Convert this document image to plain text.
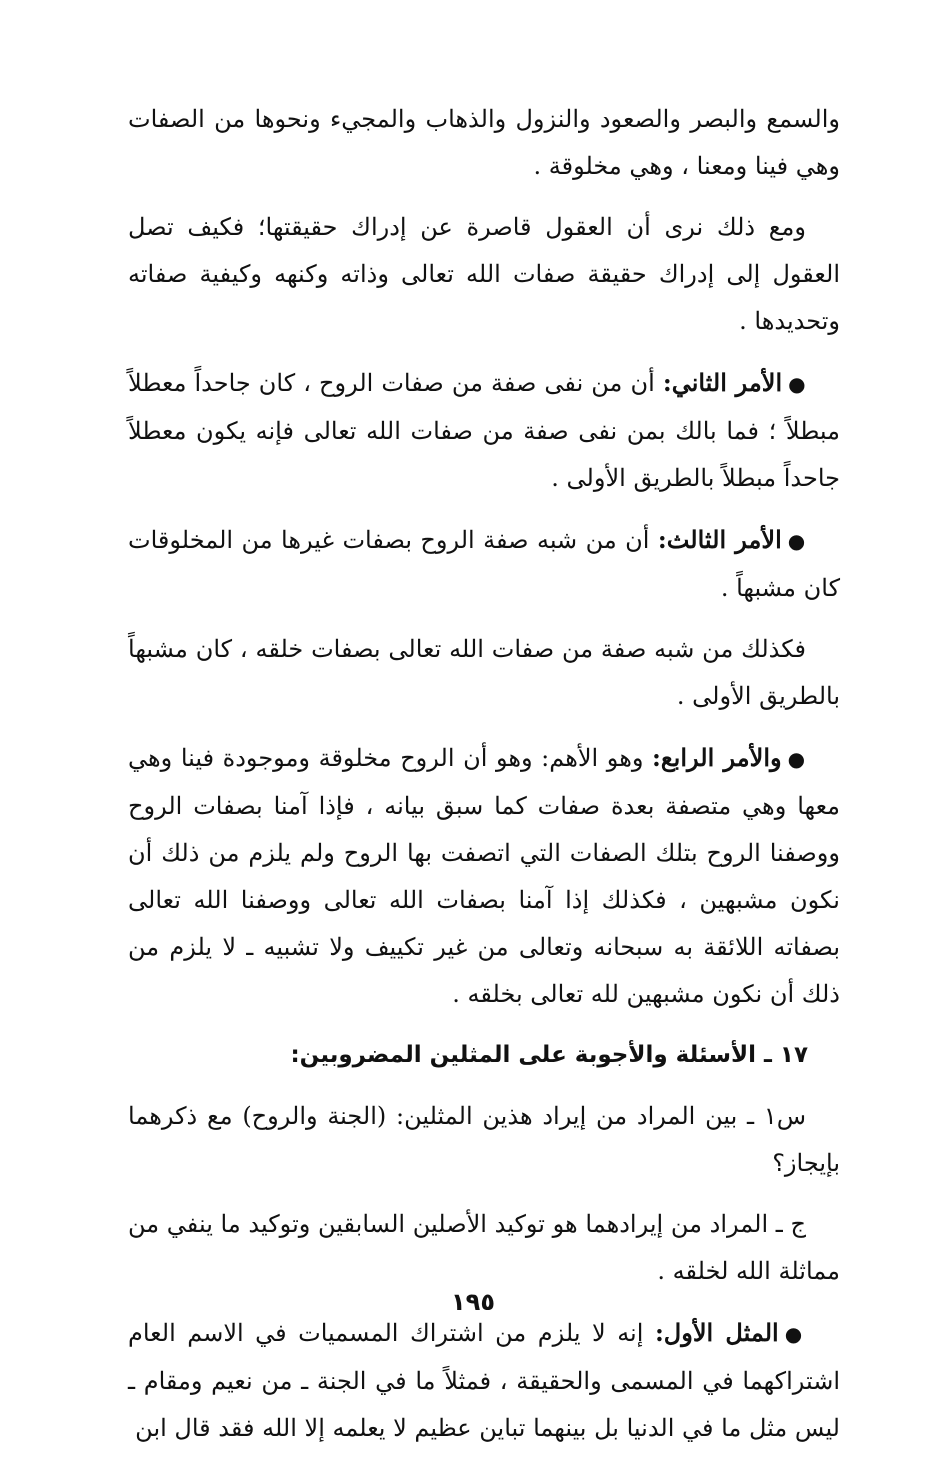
والسمع والبصر والصعود والنزول والذهاب والمجيء ونحوها من الصفات وهي فينا ومعنا ، وهي مخلوقة .

ومع ذلك نرى أن العقول قاصرة عن إدراك حقيقتها؛ فكيف تصل العقول إلى إدراك حقيقة صفات الله تعالى وذاته وكنهه وكيفية صفاته وتحديدها .

●الأمر الثاني: أن من نفى صفة من صفات الروح ، كان جاحداً معطلاً مبطلاً ؛ فما بالك بمن نفى صفة من صفات الله تعالى فإنه يكون معطلاً جاحداً مبطلاً بالطريق الأولى .

●الأمر الثالث: أن من شبه صفة الروح بصفات غيرها من المخلوقات كان مشبهاً .

فكذلك من شبه صفة من صفات الله تعالى بصفات خلقه ، كان مشبهاً بالطريق الأولى .

●والأمر الرابع: وهو الأهم: وهو أن الروح مخلوقة وموجودة فينا وهي معها وهي متصفة بعدة صفات كما سبق بيانه ، فإذا آمنا بصفات الروح ووصفنا الروح بتلك الصفات التي اتصفت بها الروح ولم يلزم من ذلك أن نكون مشبهين ، فكذلك إذا آمنا بصفات الله تعالى ووصفنا الله تعالى بصفاته اللائقة به سبحانه وتعالى من غير تكييف ولا تشبيه ـ لا يلزم من ذلك أن نكون مشبهين لله تعالى بخلقه .

١٧ ـ الأسئلة والأجوبة على المثلين المضروبين:

س١ ـ بين المراد من إيراد هذين المثلين: (الجنة والروح) مع ذكرهما بإيجاز؟

ج ـ المراد من إيرادهما هو توكيد الأصلين السابقين وتوكيد ما ينفي من مماثلة الله لخلقه .

●المثل الأول: إنه لا يلزم من اشتراك المسميات في الاسم العام اشتراكهما في المسمى والحقيقة ، فمثلاً ما في الجنة ـ من نعيم ومقام ـ ليس مثل ما في الدنيا بل بينهما تباين عظيم لا يعلمه إلا الله فقد قال ابن

١٩٥
